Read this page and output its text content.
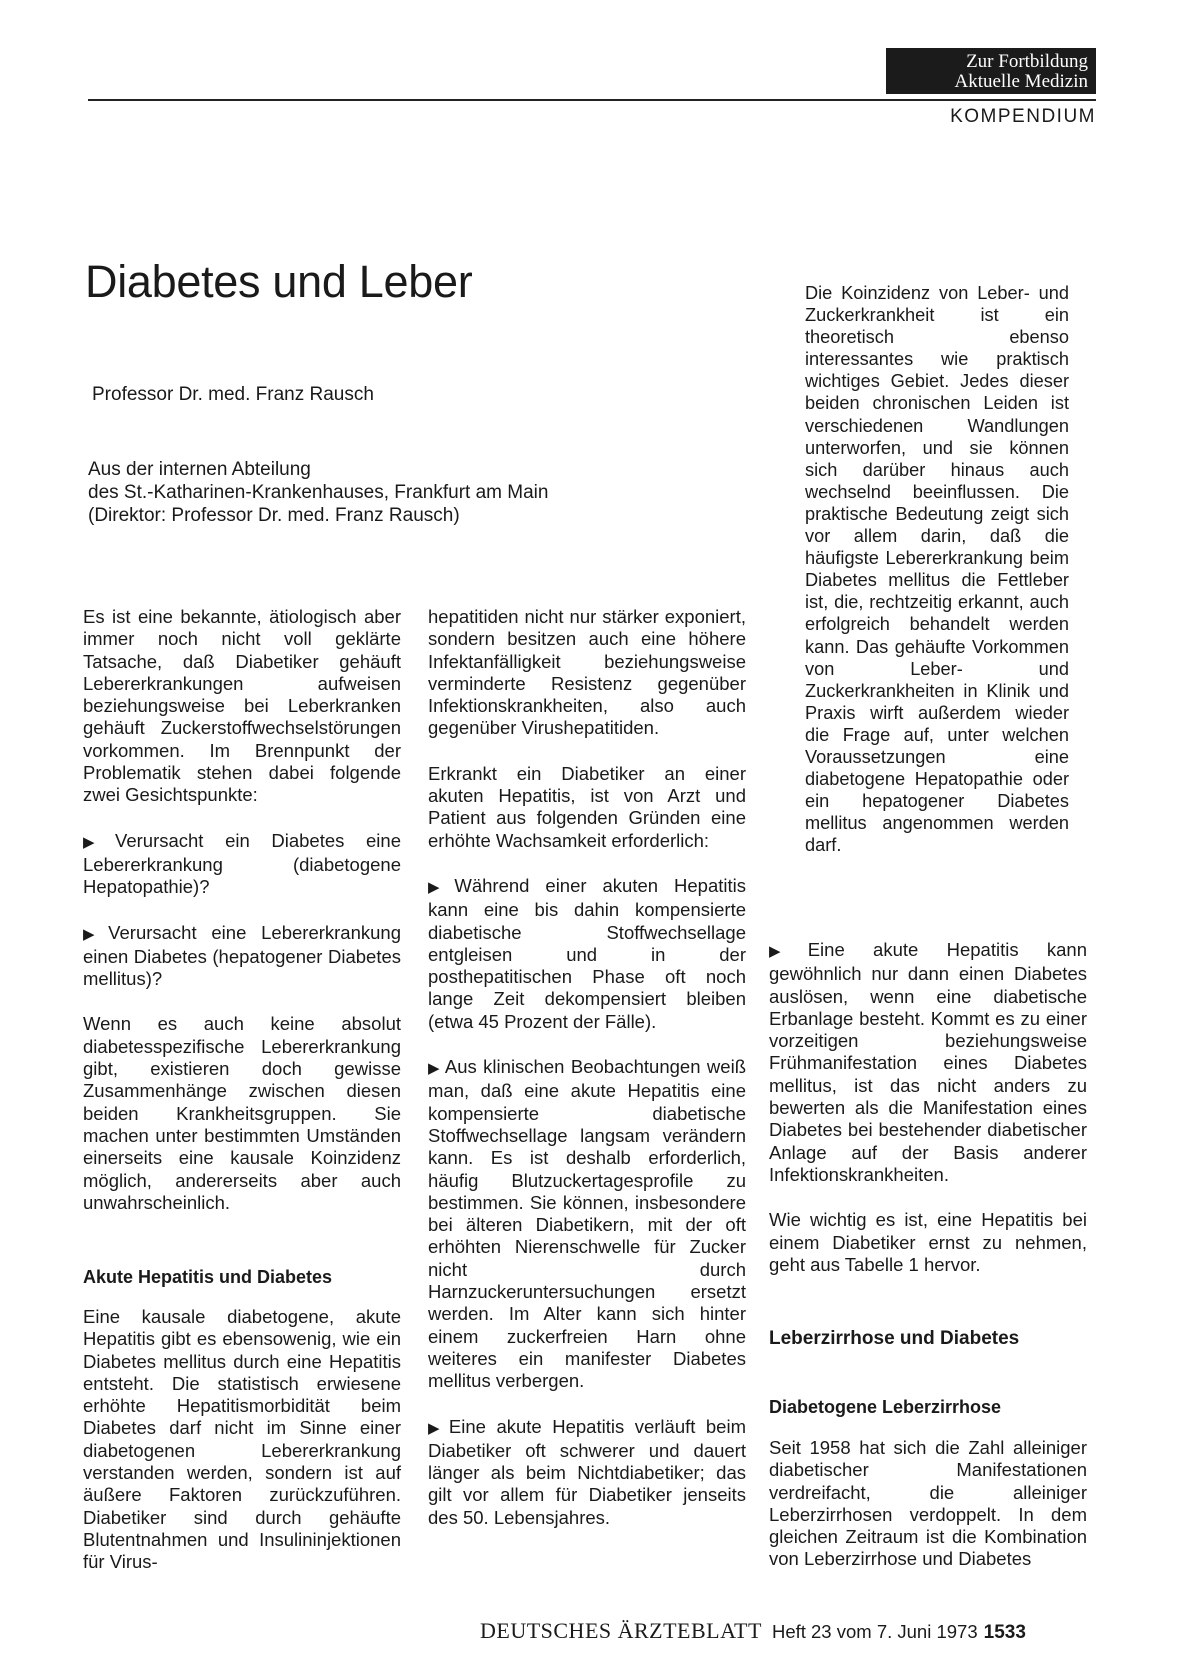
Zur Fortbildung
Aktuelle Medizin
KOMPENDIUM
Diabetes und Leber
Professor Dr. med. Franz Rausch
Aus der internen Abteilung
des St.-Katharinen-Krankenhauses, Frankfurt am Main
(Direktor: Professor Dr. med. Franz Rausch)

Die Koinzidenz von Leber- und Zuckerkrankheit ist ein theoretisch ebenso interessantes wie praktisch wichtiges Gebiet. Jedes dieser beiden chronischen Leiden ist verschiedenen Wandlungen unterworfen, und sie können sich darüber hinaus auch wechselnd beeinflussen. Die praktische Bedeutung zeigt sich vor allem darin, daß die häufigste Lebererkrankung beim Diabetes mellitus die Fettleber ist, die, rechtzeitig erkannt, auch erfolgreich behandelt werden kann. Das gehäufte Vorkommen von Leber- und Zuckerkrankheiten in Klinik und Praxis wirft außerdem wieder die Frage auf, unter welchen Voraussetzungen eine diabetogene Hepatopathie oder ein hepatogener Diabetes mellitus angenommen werden darf.

Es ist eine bekannte, ätiologisch aber immer noch nicht voll geklärte Tatsache, daß Diabetiker gehäuft Lebererkrankungen aufweisen beziehungsweise bei Leberkranken gehäuft Zuckerstoffwechselstörungen vorkommen. Im Brennpunkt der Problematik stehen dabei folgende zwei Gesichtspunkte:

▶ Verursacht ein Diabetes eine Lebererkrankung (diabetogene Hepatopathie)?

▶ Verursacht eine Lebererkrankung einen Diabetes (hepatogener Diabetes mellitus)?

Wenn es auch keine absolut diabetesspezifische Lebererkrankung gibt, existieren doch gewisse Zusammenhänge zwischen diesen beiden Krankheitsgruppen. Sie machen unter bestimmten Umständen einerseits eine kausale Koinzidenz möglich, andererseits aber auch unwahrscheinlich.

Akute Hepatitis und Diabetes

Eine kausale diabetogene, akute Hepatitis gibt es ebensowenig, wie ein Diabetes mellitus durch eine Hepatitis entsteht. Die statistisch erwiesene erhöhte Hepatitismorbidität beim Diabetes darf nicht im Sinne einer diabetogenen Lebererkrankung verstanden werden, sondern ist auf äußere Faktoren zurückzuführen. Diabetiker sind durch gehäufte Blutentnahmen und Insulininjektionen für Virus-

hepatitiden nicht nur stärker exponiert, sondern besitzen auch eine höhere Infektanfälligkeit beziehungsweise verminderte Resistenz gegenüber Infektionskrankheiten, also auch gegenüber Virushepatitiden.

Erkrankt ein Diabetiker an einer akuten Hepatitis, ist von Arzt und Patient aus folgenden Gründen eine erhöhte Wachsamkeit erforderlich:

▶ Während einer akuten Hepatitis kann eine bis dahin kompensierte diabetische Stoffwechsellage entgleisen und in der posthepatitischen Phase oft noch lange Zeit dekompensiert bleiben (etwa 45 Prozent der Fälle).

▶ Aus klinischen Beobachtungen weiß man, daß eine akute Hepatitis eine kompensierte diabetische Stoffwechsellage langsam verändern kann. Es ist deshalb erforderlich, häufig Blutzuckertagesprofile zu bestimmen. Sie können, insbesondere bei älteren Diabetikern, mit der oft erhöhten Nierenschwelle für Zucker nicht durch Harnzuckeruntersuchungen ersetzt werden. Im Alter kann sich hinter einem zuckerfreien Harn ohne weiteres ein manifester Diabetes mellitus verbergen.

▶ Eine akute Hepatitis verläuft beim Diabetiker oft schwerer und dauert länger als beim Nichtdiabetiker; das gilt vor allem für Diabetiker jenseits des 50. Lebensjahres.

▶ Eine akute Hepatitis kann gewöhnlich nur dann einen Diabetes auslösen, wenn eine diabetische Erbanlage besteht. Kommt es zu einer vorzeitigen beziehungsweise Frühmanifestation eines Diabetes mellitus, ist das nicht anders zu bewerten als die Manifestation eines Diabetes bei bestehender diabetischer Anlage auf der Basis anderer Infektionskrankheiten.

Wie wichtig es ist, eine Hepatitis bei einem Diabetiker ernst zu nehmen, geht aus Tabelle 1 hervor.

Leberzirrhose und Diabetes
Diabetogene Leberzirrhose

Seit 1958 hat sich die Zahl alleiniger diabetischer Manifestationen verdreifacht, die alleiniger Leberzirrhosen verdoppelt. In dem gleichen Zeitraum ist die Kombination von Leberzirrhose und Diabetes

DEUTSCHES ÄRZTEBLATT Heft 23 vom 7. Juni 1973 1533
